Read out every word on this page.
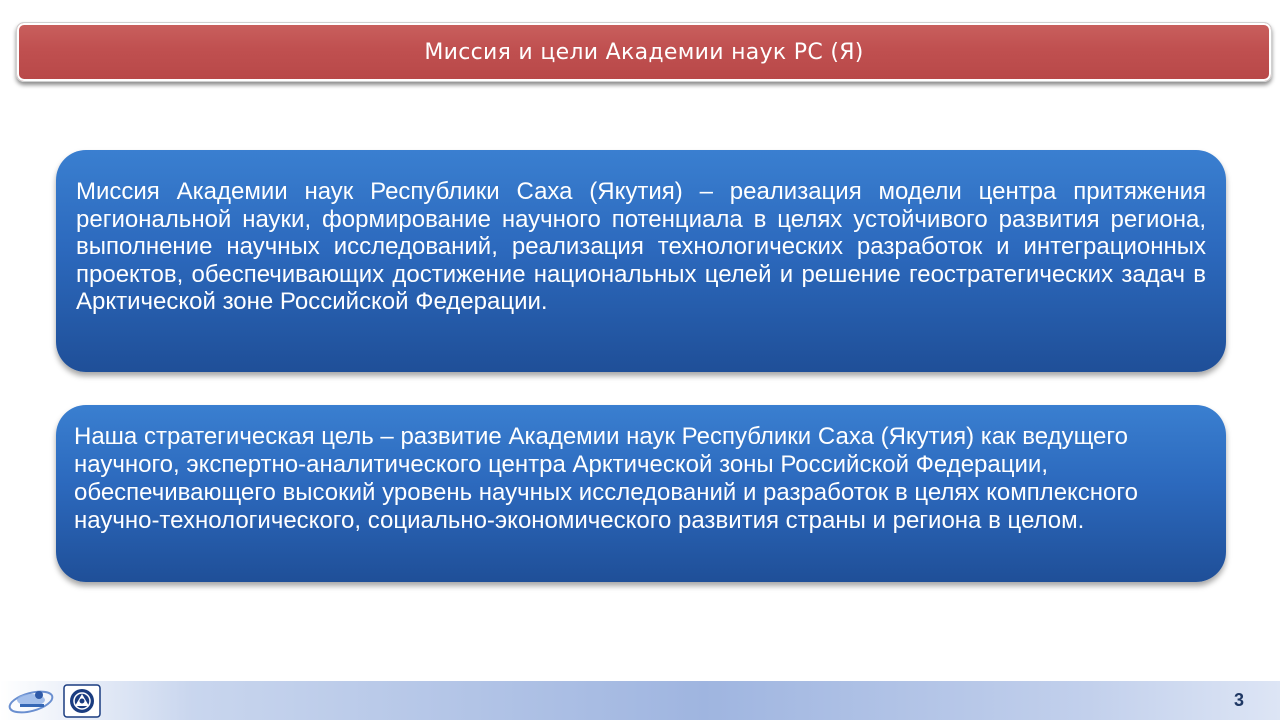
Миссия и цели Академии наук РС (Я)

Миссия Академии наук Республики Саха (Якутия) – реализация модели центра притяжения региональной науки, формирование научного потенциала в целях устойчивого развития региона, выполнение научных исследований, реализация технологических разработок и интеграционных проектов, обеспечивающих достижение национальных целей и решение геостратегических задач в Арктической зоне Российской Федерации.

Наша стратегическая цель – развитие Академии наук Республики Саха (Якутия) как ведущего научного, экспертно-аналитического центра Арктической зоны Российской Федерации, обеспечивающего высокий уровень научных исследований и разработок в целях комплексного научно-технологического, социально-экономического развития страны и региона в целом.

3
